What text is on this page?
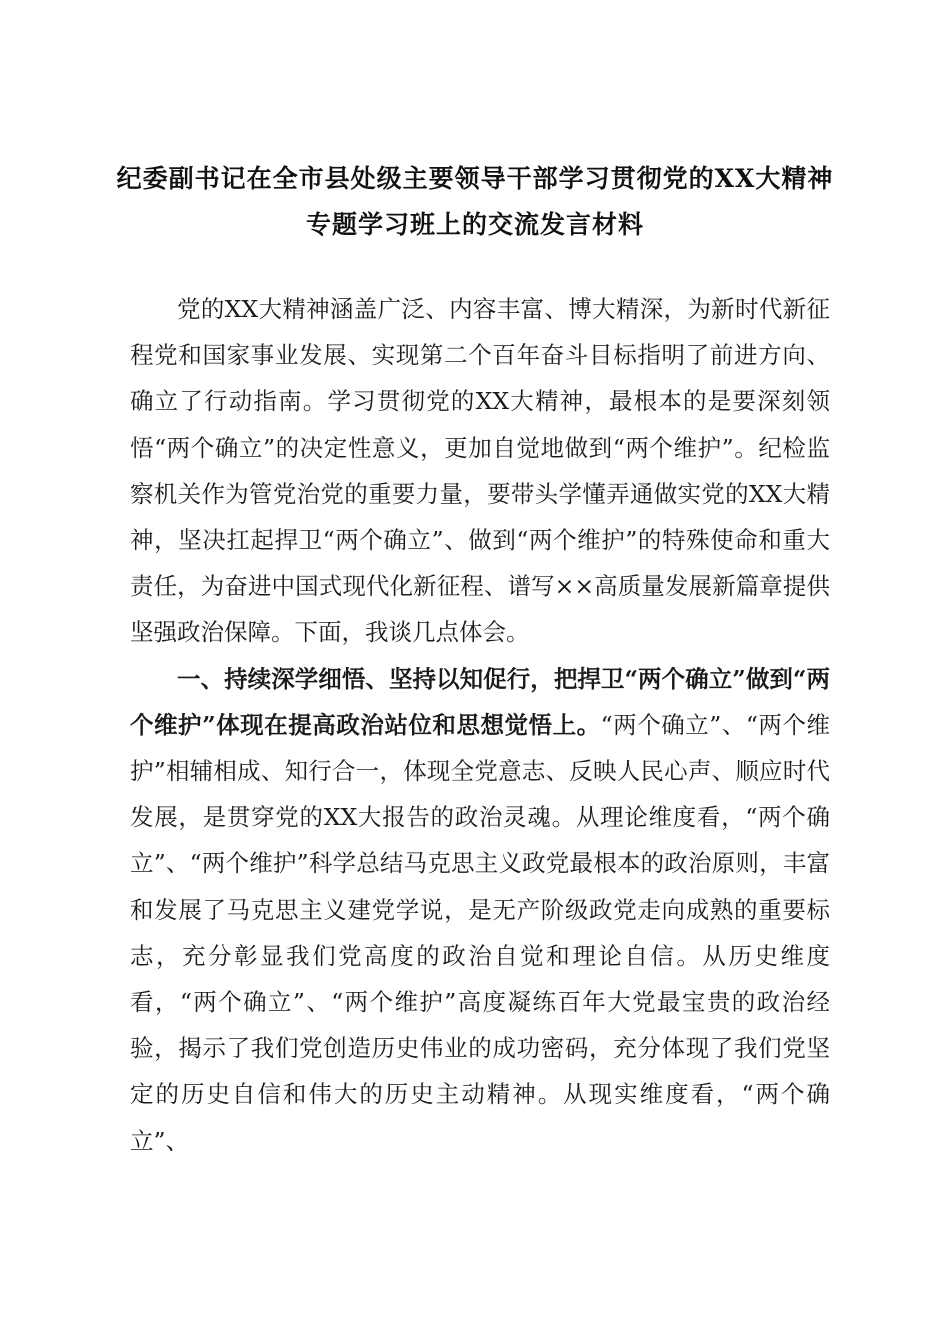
纪委副书记在全市县处级主要领导干部学习贯彻党的XX大精神
专题学习班上的交流发言材料

党的XX大精神涵盖广泛、内容丰富、博大精深，为新时代新征程党和国家事业发展、实现第二个百年奋斗目标指明了前进方向、确立了行动指南。学习贯彻党的XX大精神，最根本的是要深刻领悟“两个确立”的决定性意义，更加自觉地做到“两个维护”。纪检监察机关作为管党治党的重要力量，要带头学懂弄通做实党的XX大精神，坚决扛起捍卫“两个确立”、做到“两个维护”的特殊使命和重大责任，为奋进中国式现代化新征程、谱写××高质量发展新篇章提供坚强政治保障。下面，我谈几点体会。

一、持续深学细悟、坚持以知促行，把捍卫“两个确立”做到“两个维护”体现在提高政治站位和思想觉悟上。“两个确立”、“两个维护”相辅相成、知行合一，体现全党意志、反映人民心声、顺应时代发展，是贯穿党的XX大报告的政治灵魂。从理论维度看，“两个确立”、“两个维护”科学总结马克思主义政党最根本的政治原则，丰富和发展了马克思主义建党学说，是无产阶级政党走向成熟的重要标志，充分彰显我们党高度的政治自觉和理论自信。从历史维度看，“两个确立”、“两个维护”高度凝练百年大党最宝贵的政治经验，揭示了我们党创造历史伟业的成功密码，充分体现了我们党坚定的历史自信和伟大的历史主动精神。从现实维度看，“两个确立”、
